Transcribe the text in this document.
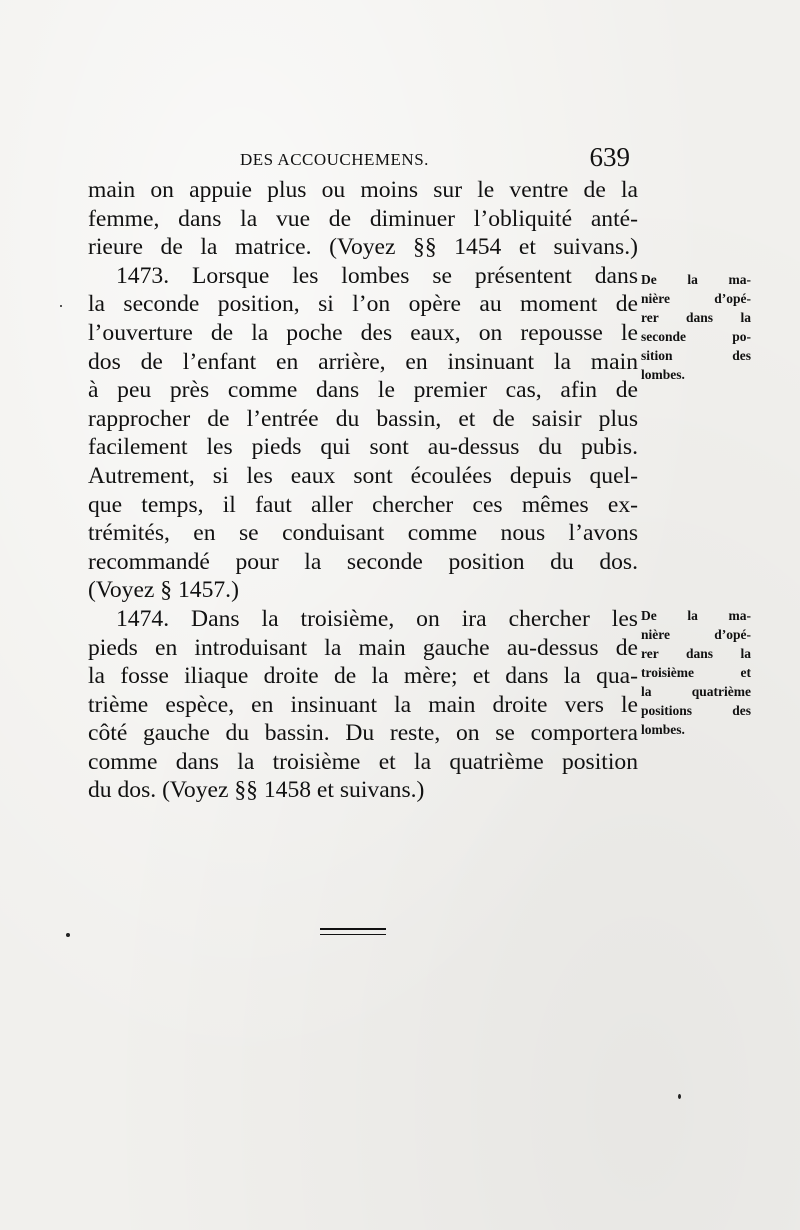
DES ACCOUCHEMENS.	639
main on appuie plus ou moins sur le ventre de la
femme, dans la vue de diminuer l’obliquité anté-
rieure de la matrice. (Voyez §§ 1454 et suivans.)
1473. Lorsque les lombes se présentent dans
la seconde position, si l’on opère au moment de
l’ouverture de la poche des eaux, on repousse le
dos de l’enfant en arrière, en insinuant la main
à peu près comme dans le premier cas, afin de
rapprocher de l’entrée du bassin, et de saisir plus
facilement les pieds qui sont au-dessus du pubis.
Autrement, si les eaux sont écoulées depuis quel-
que temps, il faut aller chercher ces mêmes ex-
trémités, en se conduisant comme nous l’avons
recommandé pour la seconde position du dos.
(Voyez § 1457.)
1474. Dans la troisième, on ira chercher les
pieds en introduisant la main gauche au-dessus de
la fosse iliaque droite de la mère; et dans la qua-
trième espèce, en insinuant la main droite vers le
côté gauche du bassin. Du reste, on se comportera
comme dans la troisième et la quatrième position
du dos. (Voyez §§ 1458 et suivans.)
De la ma-
nière d’opé-
rer dans la
seconde po-
sition des
lombes.
De la ma-
nière d’opé-
rer dans la
troisième et
la quatrième
positions des
lombes.
